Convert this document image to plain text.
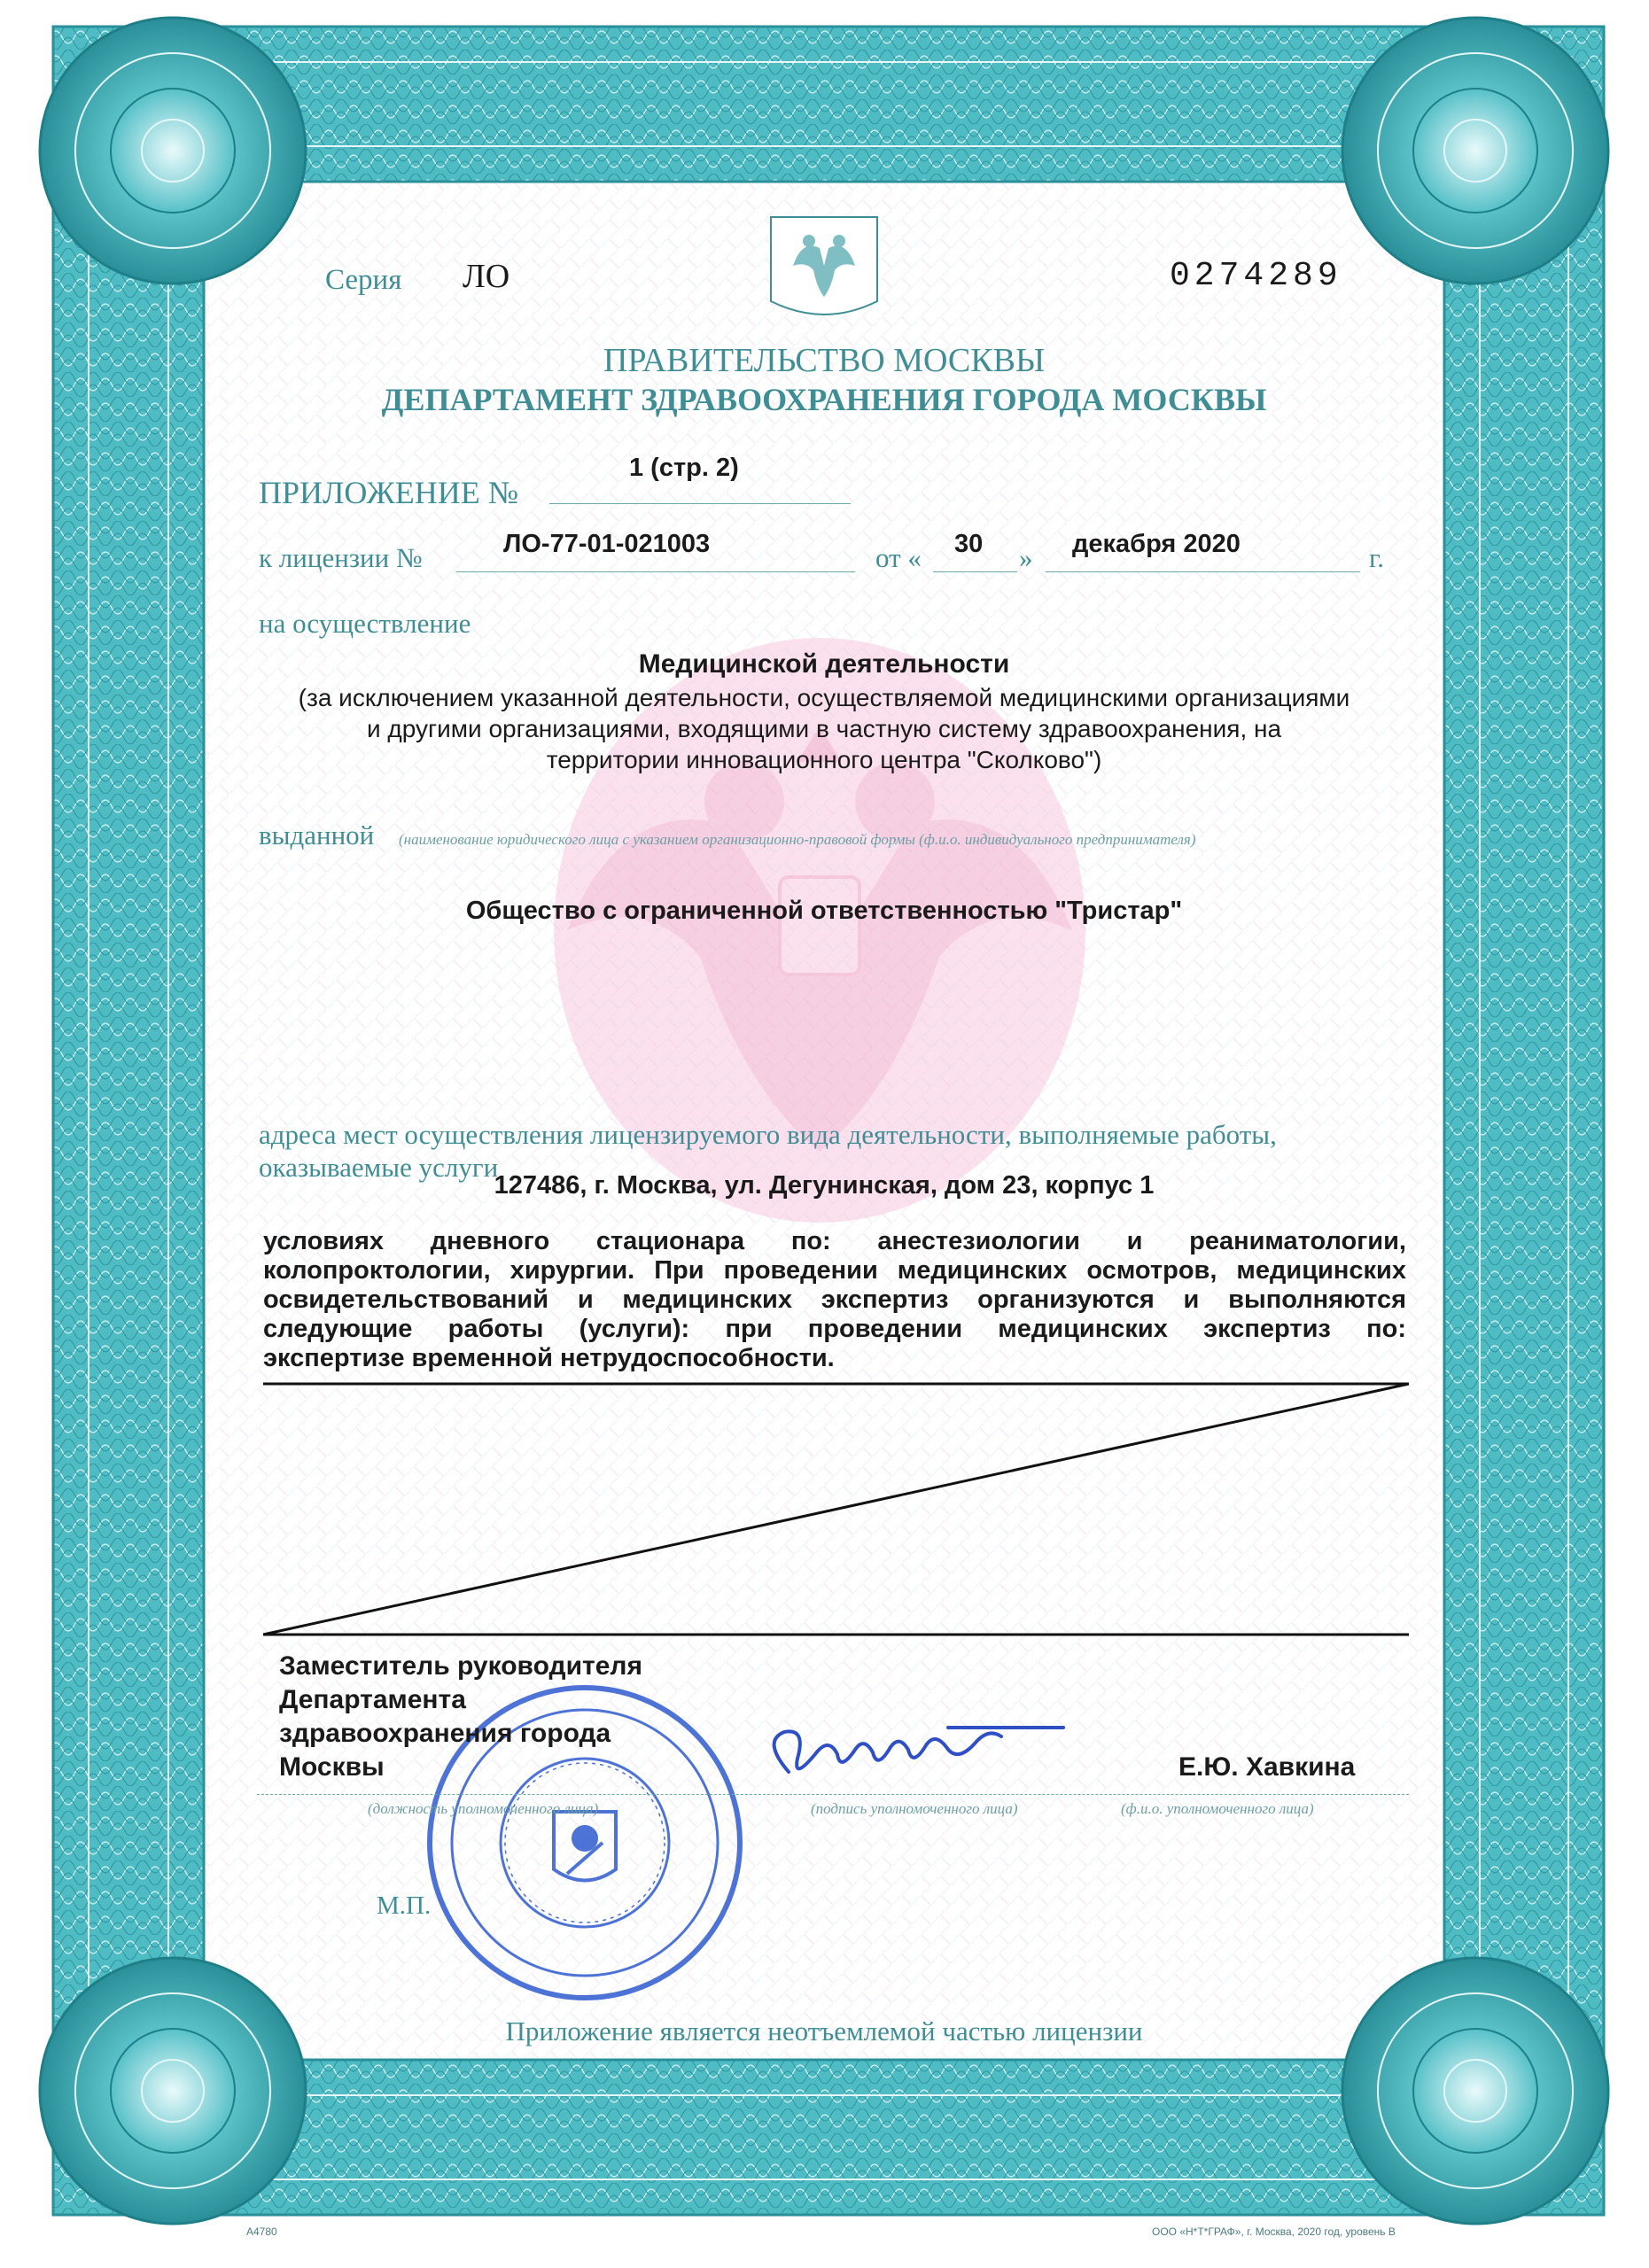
Серия ЛО	0274289
ПРАВИТЕЛЬСТВО МОСКВЫ
ДЕПАРТАМЕНТ ЗДРАВООХРАНЕНИЯ ГОРОДА МОСКВЫ
ПРИЛОЖЕНИЕ №
1 (стр. 2)
к лицензии №	ЛО-77-01-021003	от « 30 » декабря 2020	г.
на осуществление
Медицинской деятельности
(за исключением указанной деятельности, осуществляемой медицинскими организациями
и другими организациями, входящими в частную систему здравоохранения, на
территории инновационного центра "Сколково")
выданной (наименование юридического лица с указанием организационно-правовой формы (ф.и.о. индивидуального предпринимателя)
Общество с ограниченной ответственностью "Тристар"
адреса мест осуществления лицензируемого вида деятельности, выполняемые работы,
оказываемые услуги
127486, г. Москва, ул. Дегунинская, дом 23, корпус 1
условиях дневного стационара по: анестезиологии и реаниматологии,
колопроктологии, хирургии. При проведении медицинских осмотров, медицинских
освидетельствований и медицинских экспертиз организуются и выполняются
следующие работы (услуги): при проведении медицинских экспертиз по:
экспертизе временной нетрудоспособности.
Заместитель руководителя
Департамента
здравоохранения города
Москвы	Е.Ю. Хавкина
(должность уполномоченного лица)	(подпись уполномоченного лица)	(ф.и.о. уполномоченного лица)
М.П.
Приложение является неотъемлемой частью лицензии
А4780	ООО «Н*Т*ГРАФ», г. Москва, 2020 год, уровень В
